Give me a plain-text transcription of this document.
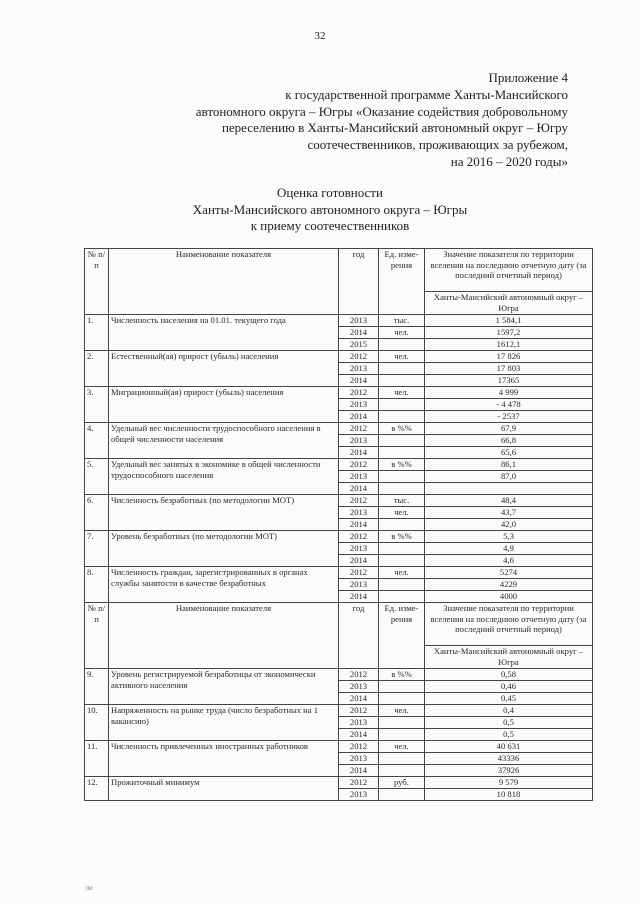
32
Приложение 4
к государственной программе Ханты-Мансийского
автономного округа – Югры «Оказание содействия добровольному
переселению в Ханты-Мансийский автономный округ – Югру
соотечественников, проживающих за рубежом,
на 2016 – 2020 годы»
Оценка готовности
Ханты-Мансийского автономного округа – Югры
к приему соотечественников
№ п/п	Наименование показателя	год	Ед. изме-рения	Значение показателя по территории вселения на последнюю отчетную дату (за последний отчетный период)
				Ханты-Мансийский автономный округ – Югра
1.	Численность населения на 01.01. текущего года	2013	тыс.	1 584,1
		2014	чел.	1597,2
		2015		1612,1
2.	Естественный(ая) прирост (убыль) населения	2012	чел.	17 826
		2013		17 803
		2014		17365
3.	Миграционный(ая) прирост (убыль) населения	2012	чел.	4 999
		2013		- 4 478
		2014		- 2537
4.	Удельный вес численности трудоспособного населения в общей численности населения	2012	в %%	67,9
		2013		66,8
		2014		65,6
5.	Удельный вес занятых в экономике в общей численности трудоспособного населения	2012	в %%	86,1
		2013		87,0
		2014		
6.	Численность безработных (по методологии МОТ)	2012	тыс.	48,4
		2013	чел.	43,7
		2014		42,0
7.	Уровень безработных (по методологии МОТ)	2012	в %%	5,3
		2013		4,9
		2014		4,6
8.	Численность граждан, зарегистрированных в органах службы занятости в качестве безработных	2012	чел.	5274
		2013		4229
		2014		4000
№ п/п	Наименование показателя	год	Ед. изме-рения	Значение показателя по территории вселения на последнюю отчетную дату (за последний отчетный период)
				Ханты-Мансийский автономный округ – Югра
9.	Уровень регистрируемой безработицы от экономически активного населения	2012	в %%	0,58
		2013		0,46
		2014		0,45
10.	Напряженность на рынке труда (число безработных на 1 вакансию)	2012	чел.	0,4
		2013		0,5
		2014		0,5
11.	Численность привлеченных иностранных работников	2012	чел.	40 631
		2013		43336
		2014		37926
12.	Прожиточный минимум	2012	руб.	9 579
		2013		10 818
ne
